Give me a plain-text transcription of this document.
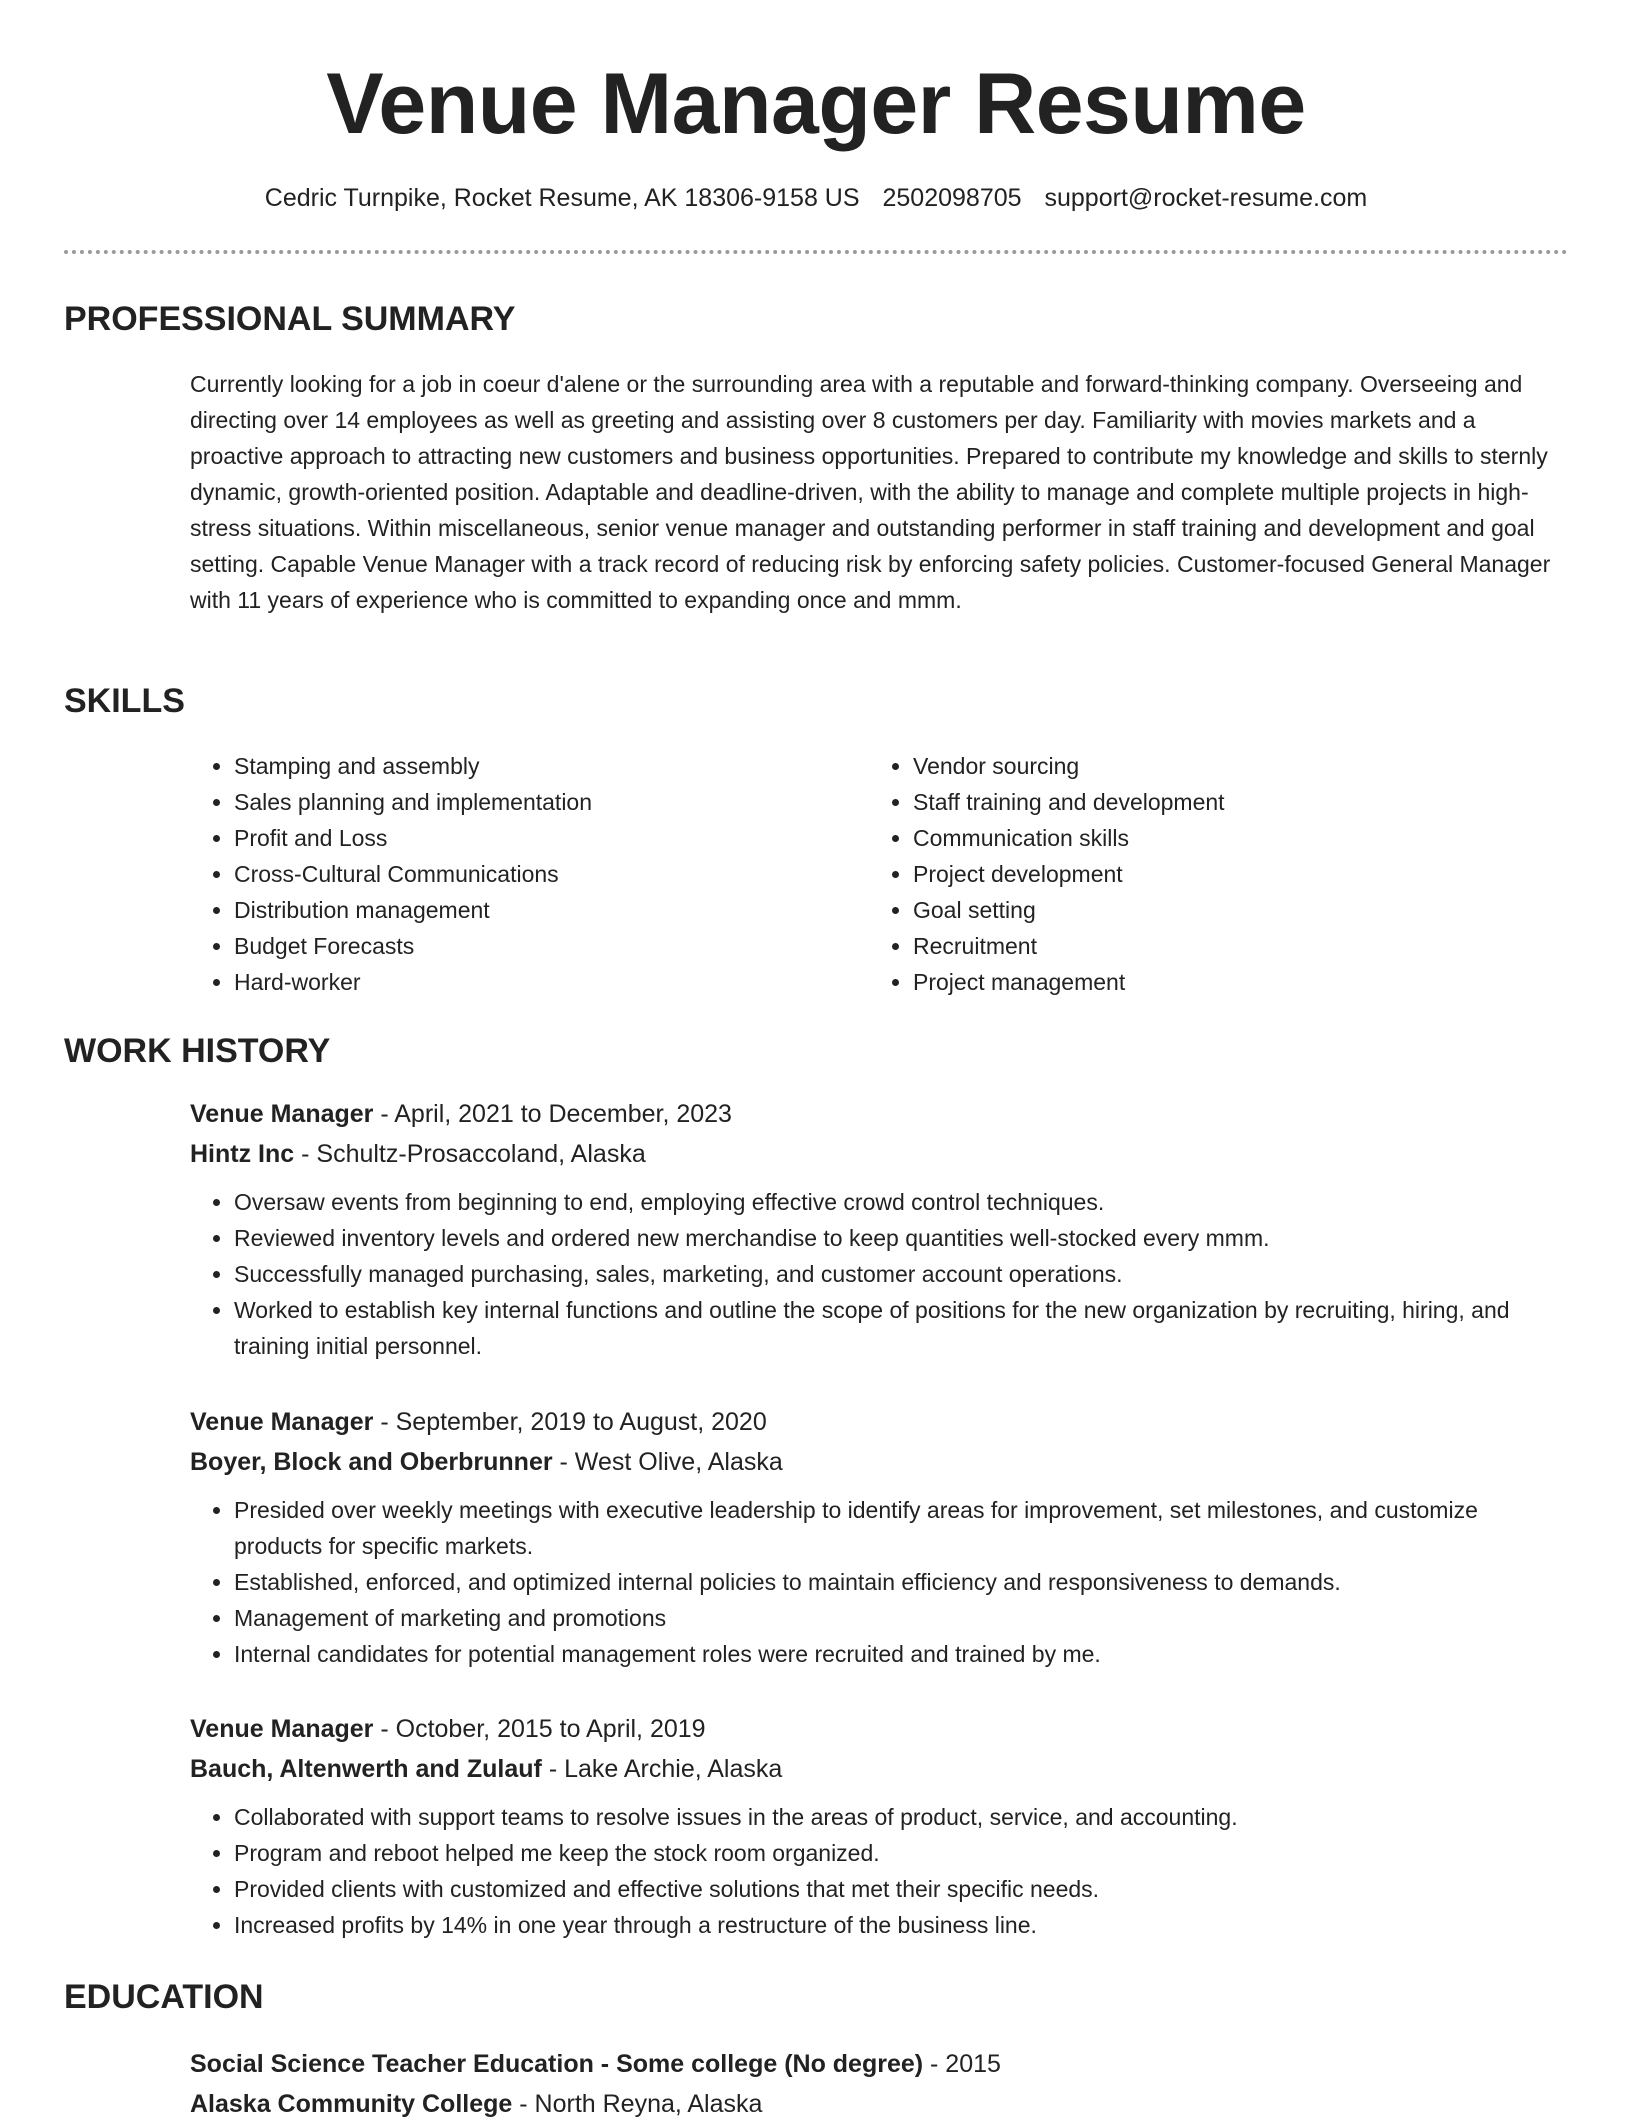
Venue Manager Resume
Cedric Turnpike, Rocket Resume, AK 18306-9158 US 2502098705 support@rocket-resume.com
PROFESSIONAL SUMMARY
Currently looking for a job in coeur d'alene or the surrounding area with a reputable and forward-thinking company. Overseeing and directing over 14 employees as well as greeting and assisting over 8 customers per day. Familiarity with movies markets and a proactive approach to attracting new customers and business opportunities. Prepared to contribute my knowledge and skills to sternly dynamic, growth-oriented position. Adaptable and deadline-driven, with the ability to manage and complete multiple projects in high-stress situations. Within miscellaneous, senior venue manager and outstanding performer in staff training and development and goal setting. Capable Venue Manager with a track record of reducing risk by enforcing safety policies. Customer-focused General Manager with 11 years of experience who is committed to expanding once and mmm.
SKILLS
• Stamping and assembly
• Sales planning and implementation
• Profit and Loss
• Cross-Cultural Communications
• Distribution management
• Budget Forecasts
• Hard-worker
• Vendor sourcing
• Staff training and development
• Communication skills
• Project development
• Goal setting
• Recruitment
• Project management
WORK HISTORY

Venue Manager - April, 2021 to December, 2023

Hintz Inc - Schultz-Prosaccoland, Alaska

• Oversaw events from beginning to end, employing effective crowd control techniques.
• Reviewed inventory levels and ordered new merchandise to keep quantities well-stocked every mmm.
• Successfully managed purchasing, sales, marketing, and customer account operations.
• Worked to establish key internal functions and outline the scope of positions for the new organization by recruiting, hiring, and training initial personnel.

Venue Manager - September, 2019 to August, 2020

Boyer, Block and Oberbrunner - West Olive, Alaska

• Presided over weekly meetings with executive leadership to identify areas for improvement, set milestones, and customize products for specific markets.
• Established, enforced, and optimized internal policies to maintain efficiency and responsiveness to demands.
• Management of marketing and promotions
• Internal candidates for potential management roles were recruited and trained by me.

Venue Manager - October, 2015 to April, 2019

Bauch, Altenwerth and Zulauf - Lake Archie, Alaska

• Collaborated with support teams to resolve issues in the areas of product, service, and accounting.
• Program and reboot helped me keep the stock room organized.
• Provided clients with customized and effective solutions that met their specific needs.
• Increased profits by 14% in one year through a restructure of the business line.
EDUCATION

Social Science Teacher Education - Some college (No degree) - 2015

Alaska Community College - North Reyna, Alaska
